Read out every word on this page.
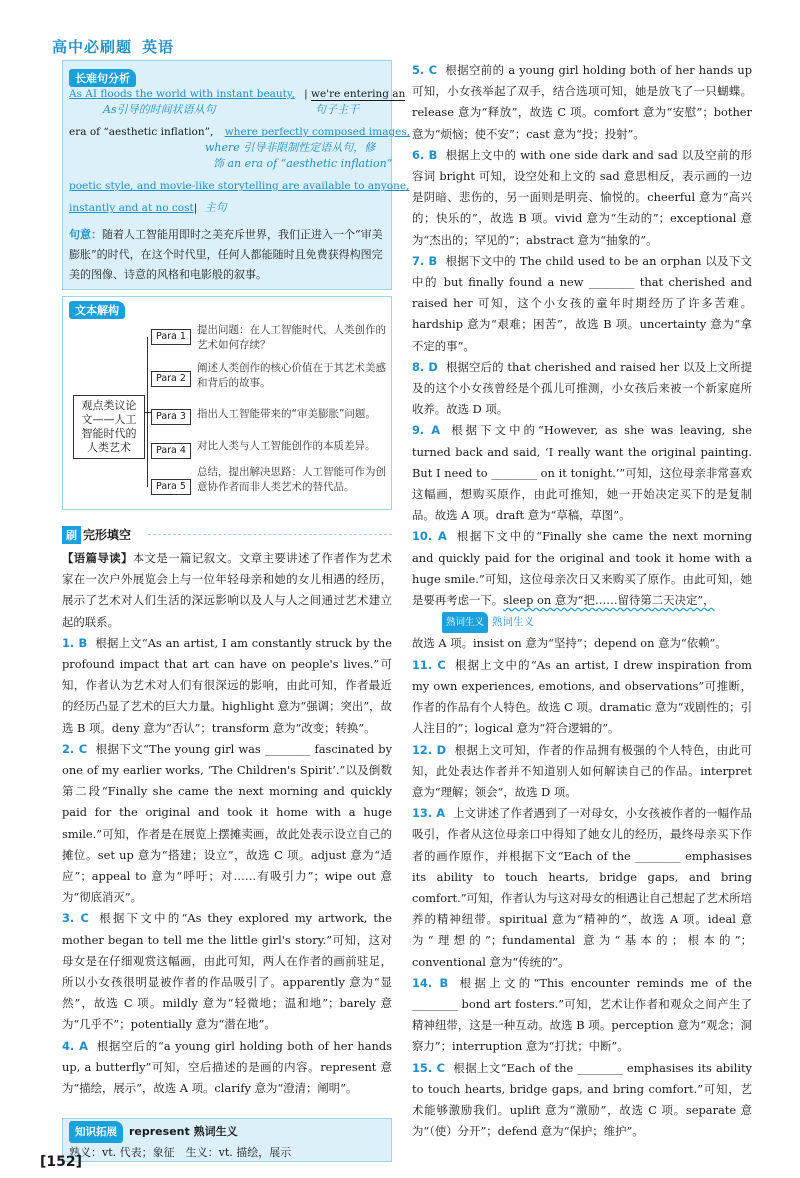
高中必刷题 英语
长难句分析
As AI floods the world with instant beauty, | we're entering an
As引导的时间状语从句	句子主干
era of “aesthetic inflation”, where perfectly composed images,
where 引导非限制性定语从句，修
饰 an era of “aesthetic inflation”
poetic style, and movie-like storytelling are available to anyone,
instantly and at no cost| 主句
句意：随着人工智能用即时之美充斥世界，我们正进入一个“审美膨胀”的时代，在这个时代里，任何人都能随时且免费获得构图完美的图像、诗意的风格和电影般的叙事。
文本解构
观点类议论文——人工智能时代的人类艺术
Para 1
提出问题：在人工智能时代，人类创作的艺术如何存续？
Para 2
阐述人类创作的核心价值在于其艺术美感和背后的故事。
Para 3	指出人工智能带来的“审美膨胀”问题。
Para 4	对比人类与人工智能创作的本质差异。
Para 5
总结，提出解决思路：人工智能可作为创意协作者而非人类艺术的替代品。
刷 完形填空

【语篇导读】本文是一篇记叙文。文章主要讲述了作者作为艺术家在一次户外展览会上与一位年轻母亲和她的女儿相遇的经历，展示了艺术对人们生活的深远影响以及人与人之间通过艺术建立起的联系。

1. B 根据上文“As an artist, I am constantly struck by the profound impact that art can have on people's lives.”可知，作者认为艺术对人们有很深远的影响，由此可知，作者最近的经历凸显了艺术的巨大力量。highlight 意为“强调；突出”，故选 B 项。deny 意为“否认”；transform 意为“改变；转换”。

2. C 根据下文“The young girl was ________ fascinated by one of my earlier works, ‘The Children's Spirit’.”以及倒数第二段“Finally she came the next morning and quickly paid for the original and took it home with a huge smile.”可知，作者是在展览上摆摊卖画，故此处表示设立自己的摊位。set up 意为“搭建；设立”，故选 C 项。adjust 意为“适应”；appeal to 意为“呼吁；对……有吸引力”；wipe out 意为“彻底消灭”。

3. C 根据下文中的“As they explored my artwork, the mother began to tell me the little girl's story.”可知，这对母女是在仔细观赏这幅画，由此可知，两人在作者的画前驻足，所以小女孩很明显被作者的作品吸引了。apparently 意为“显然”，故选 C 项。mildly 意为“轻微地；温和地”；barely 意为“几乎不”；potentially 意为“潜在地”。

4. A 根据空后的“a young girl holding both of her hands up, a butterfly”可知，空后描述的是画的内容。represent 意为“描绘，展示”，故选 A 项。clarify 意为“澄清；阐明”。

知识拓展 represent 熟词生义
熟义：vt. 代表；象征　生义：vt. 描绘，展示
[152]

5. C 根据空前的 a young girl holding both of her hands up 可知，小女孩举起了双手，结合选项可知，她是放飞了一只蝴蝶。release 意为“释放”，故选 C 项。comfort 意为“安慰”；bother 意为“烦恼；使不安”；cast 意为“投；投射”。

6. B 根据上文中的 with one side dark and sad 以及空前的形容词 bright 可知，设空处和上文的 sad 意思相反，表示画的一边是阴暗、悲伤的，另一面则是明亮、愉悦的。cheerful 意为“高兴的；快乐的”，故选 B 项。vivid 意为“生动的”；exceptional 意为“杰出的；罕见的”；abstract 意为“抽象的”。

7. B 根据下文中的 The child used to be an orphan 以及下文中的 but finally found a new ________ that cherished and raised her 可知，这个小女孩的童年时期经历了许多苦难。hardship 意为“艰难；困苦”，故选 B 项。uncertainty 意为“拿不定的事”。

8. D 根据空后的 that cherished and raised her 以及上文所提及的这个小女孩曾经是个孤儿可推测，小女孩后来被一个新家庭所收养。故选 D 项。

9. A 根据下文中的“However, as she was leaving, she turned back and said, ‘I really want the original painting. But I need to ________ on it tonight.’”可知，这位母亲非常喜欢这幅画，想购买原作，由此可推知，她一开始决定买下的是复制品。故选 A 项。draft 意为“草稿，草图”。

10. A 根据下文中的“Finally she came the next morning and quickly paid for the original and took it home with a huge smile.”可知，这位母亲次日又来购买了原作。由此可知，她是要再考虑一下。sleep on 意为“把……留待第二天决定”，
熟词生义 熟词生义
故选 A 项。insist on 意为“坚持”；depend on 意为“依赖”。

11. C 根据上文中的“As an artist, I drew inspiration from my own experiences, emotions, and observations”可推断，作者的作品有个人特色。故选 C 项。dramatic 意为“戏剧性的；引人注目的”；logical 意为“符合逻辑的”。

12. D 根据上文可知，作者的作品拥有极强的个人特色，由此可知，此处表达作者并不知道别人如何解读自己的作品。interpret 意为“理解；领会”，故选 D 项。

13. A 上文讲述了作者遇到了一对母女，小女孩被作者的一幅作品吸引，作者从这位母亲口中得知了她女儿的经历，最终母亲买下作者的画作原作，并根据下文“Each of the ________ emphasises its ability to touch hearts, bridge gaps, and bring comfort.”可知，作者认为与这对母女的相遇让自己想起了艺术所培养的精神纽带。spiritual 意为“精神的”，故选 A 项。ideal 意为“理想的”；fundamental 意为“基本的；根本的”；conventional 意为“传统的”。

14. B 根据上文的“This encounter reminds me of the ________ bond art fosters.”可知，艺术让作者和观众之间产生了精神纽带，这是一种互动。故选 B 项。perception 意为“观念；洞察力”；interruption 意为“打扰；中断”。

15. C 根据上文“Each of the ________ emphasises its ability to touch hearts, bridge gaps, and bring comfort.”可知，艺术能够激励我们。uplift 意为“激励”，故选 C 项。separate 意为“（使）分开”；defend 意为“保护；维护”。
